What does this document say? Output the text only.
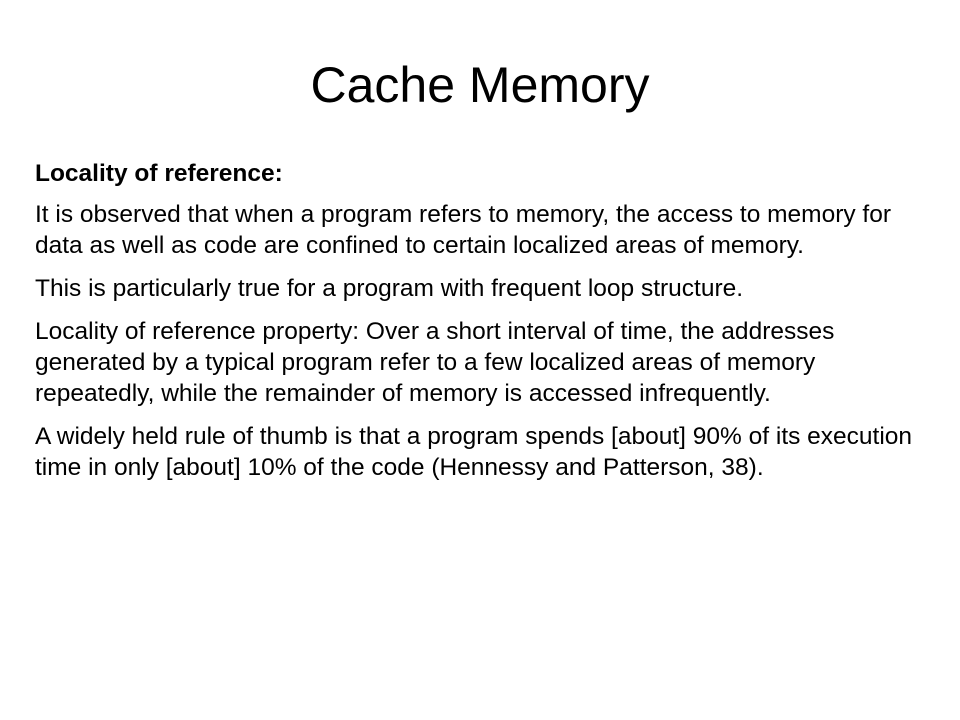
Cache Memory

Locality of reference:

It is observed that when a program refers to memory, the access to memory for data as well as code are confined to certain localized areas of memory.

This is particularly true for a program with frequent loop structure.

Locality of reference property: Over a short interval of time, the addresses generated by a typical program refer to a few localized areas of memory repeatedly, while the remainder of memory is accessed infrequently.

A widely held rule of thumb is that a program spends [about] 90% of its execution time in only [about] 10% of the code (Hennessy and Patterson, 38).
